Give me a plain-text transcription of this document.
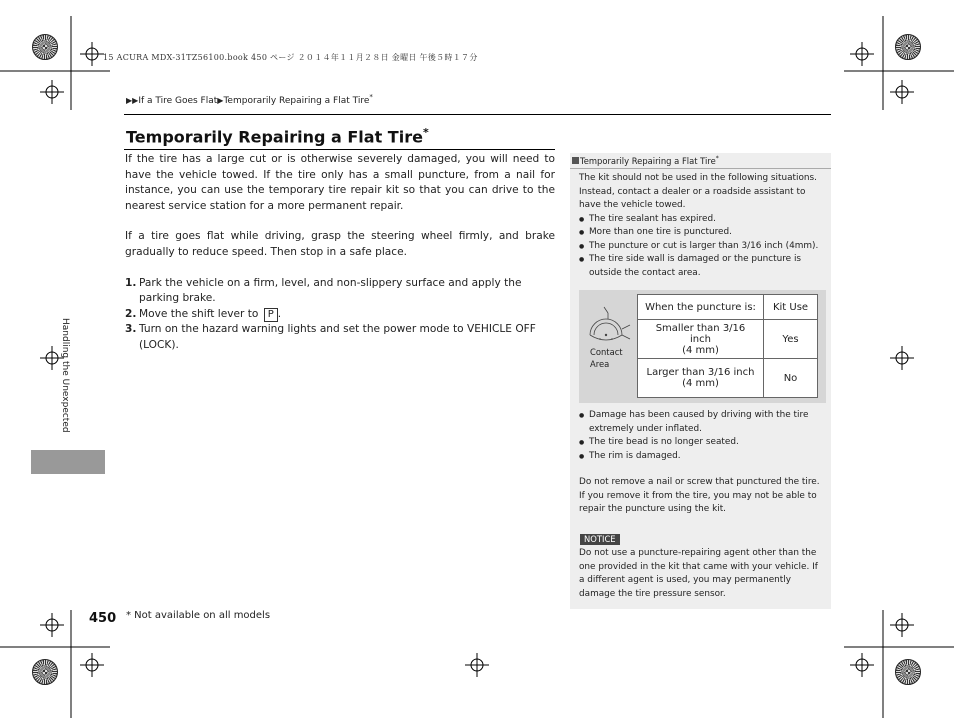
15 ACURA MDX-31TZ56100.book 450 ページ ２０１４年１１月２８日 金曜日 午後５時１７分
▶▶If a Tire Goes Flat▶Temporarily Repairing a Flat Tire*
Temporarily Repairing a Flat Tire*

If the tire has a large cut or is otherwise severely damaged, you will need to have the vehicle towed. If the tire only has a small puncture, from a nail for instance, you can use the temporary tire repair kit so that you can drive to the nearest service station for a more permanent repair.

If a tire goes flat while driving, grasp the steering wheel firmly, and brake gradually to reduce speed. Then stop in a safe place.

1. Park the vehicle on a firm, level, and non-slippery surface and apply the parking brake.
2. Move the shift lever to P .
3. Turn on the hazard warning lights and set the power mode to VEHICLE OFF (LOCK).
Handling the Unexpected
450 * Not available on all models
Temporarily Repairing a Flat Tire*

The kit should not be used in the following situations. Instead, contact a dealer or a roadside assistant to have the vehicle towed.

● The tire sealant has expired.
● More than one tire is punctured.
● The puncture or cut is larger than 3/16 inch (4mm).
● The tire side wall is damaged or the puncture is outside the contact area.
Contact
Area
When the puncture is:	Kit Use
Smaller than 3/16 inch
(4 mm)	Yes
Larger than 3/16 inch
(4 mm)	No
● Damage has been caused by driving with the tire extremely under inflated.
● The tire bead is no longer seated.
● The rim is damaged.

Do not remove a nail or screw that punctured the tire. If you remove it from the tire, you may not be able to repair the puncture using the kit.

NOTICE

Do not use a puncture-repairing agent other than the one provided in the kit that came with your vehicle. If a different agent is used, you may permanently damage the tire pressure sensor.
